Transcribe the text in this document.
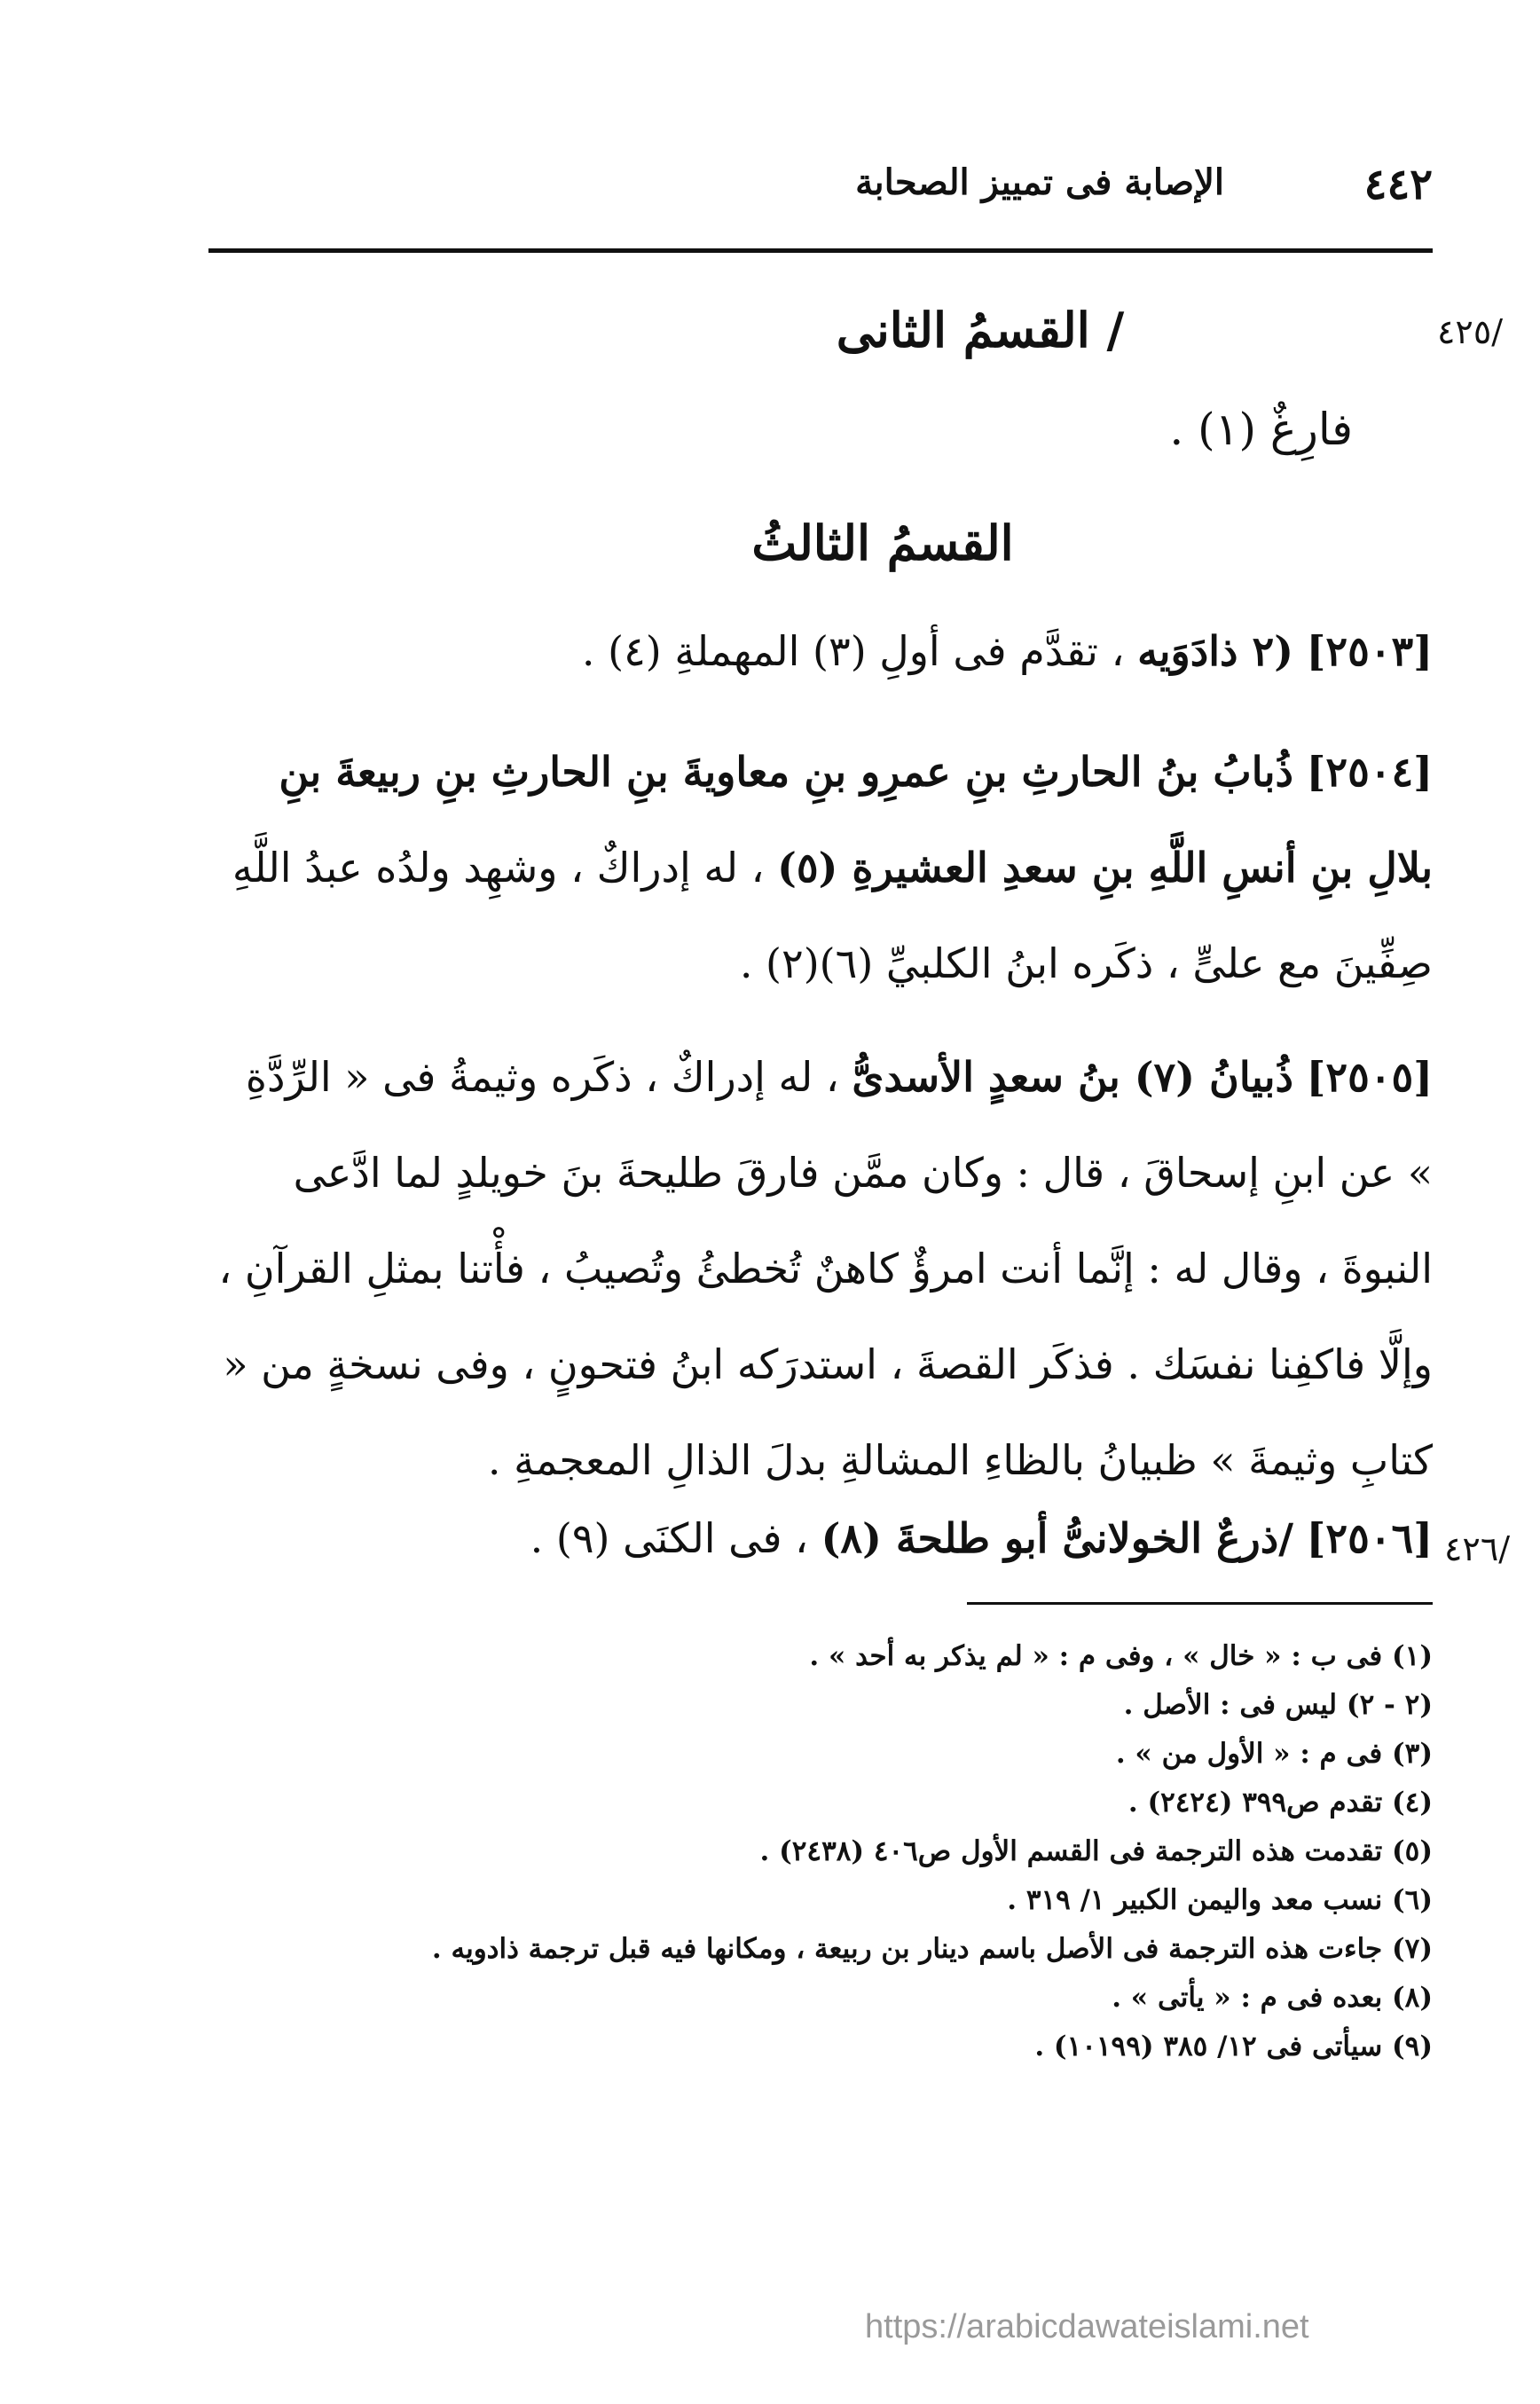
٤٤٢
الإصابة فى تمييز الصحابة
/٤٢٥
/٤٢٦
/ القسمُ الثانى
فارِغٌ (١) .
القسمُ الثالثُ

[٢٥٠٣] (٢ ذادَوَيه ، تقدَّم فى أولِ (٣) المهملةِ (٤) .

[٢٥٠٤] ذُبابُ بنُ الحارثِ بنِ عمرِو بنِ معاويةَ بنِ الحارثِ بنِ ربيعةَ بنِ بلالِ بنِ أنسِ اللَّهِ بنِ سعدِ العشيرةِ (٥) ، له إدراكٌ ، وشهِد ولدُه عبدُ اللَّهِ صِفِّينَ مع علىٍّ ، ذكَره ابنُ الكلبيِّ (٦)(٢) .

[٢٥٠٥] ذُبيانُ (٧) بنُ سعدٍ الأسدىُّ ، له إدراكٌ ، ذكَره وثيمةُ فى « الرِّدَّةِ » عن ابنِ إسحاقَ ، قال : وكان ممَّن فارقَ طليحةَ بنَ خويلدٍ لما ادَّعى النبوةَ ، وقال له : إنَّما أنت امرؤٌ كاهنٌ تُخطئُ وتُصيبُ ، فأْتنا بمثلِ القرآنِ ، وإلَّا فاكفِنا نفسَك . فذكَر القصةَ ، استدرَكه ابنُ فتحونٍ ، وفى نسخةٍ من « كتابِ وثيمةَ » ظبيانُ بالظاءِ المشالةِ بدلَ الذالِ المعجمةِ .

[٢٥٠٦] /ذرعٌ الخولانىُّ أبو طلحةَ (٨) ، فى الكنَى (٩) .

(١) فى ب : « خال » ، وفى م : « لم يذكر به أحد » .
(٢ - ٢) ليس فى : الأصل .
(٣) فى م : « الأول من » .
(٤) تقدم ص٣٩٩ (٢٤٢٤) .
(٥) تقدمت هذه الترجمة فى القسم الأول ص٤٠٦ (٢٤٣٨) .
(٦) نسب معد واليمن الكبير ١/ ٣١٩ .
(٧) جاءت هذه الترجمة فى الأصل باسم دينار بن ربيعة ، ومكانها فيه قبل ترجمة ذادويه .
(٨) بعده فى م : « يأتى » .
(٩) سيأتى فى ١٢/ ٣٨٥ (١٠١٩٩) .
https://arabicdawateislami.net
